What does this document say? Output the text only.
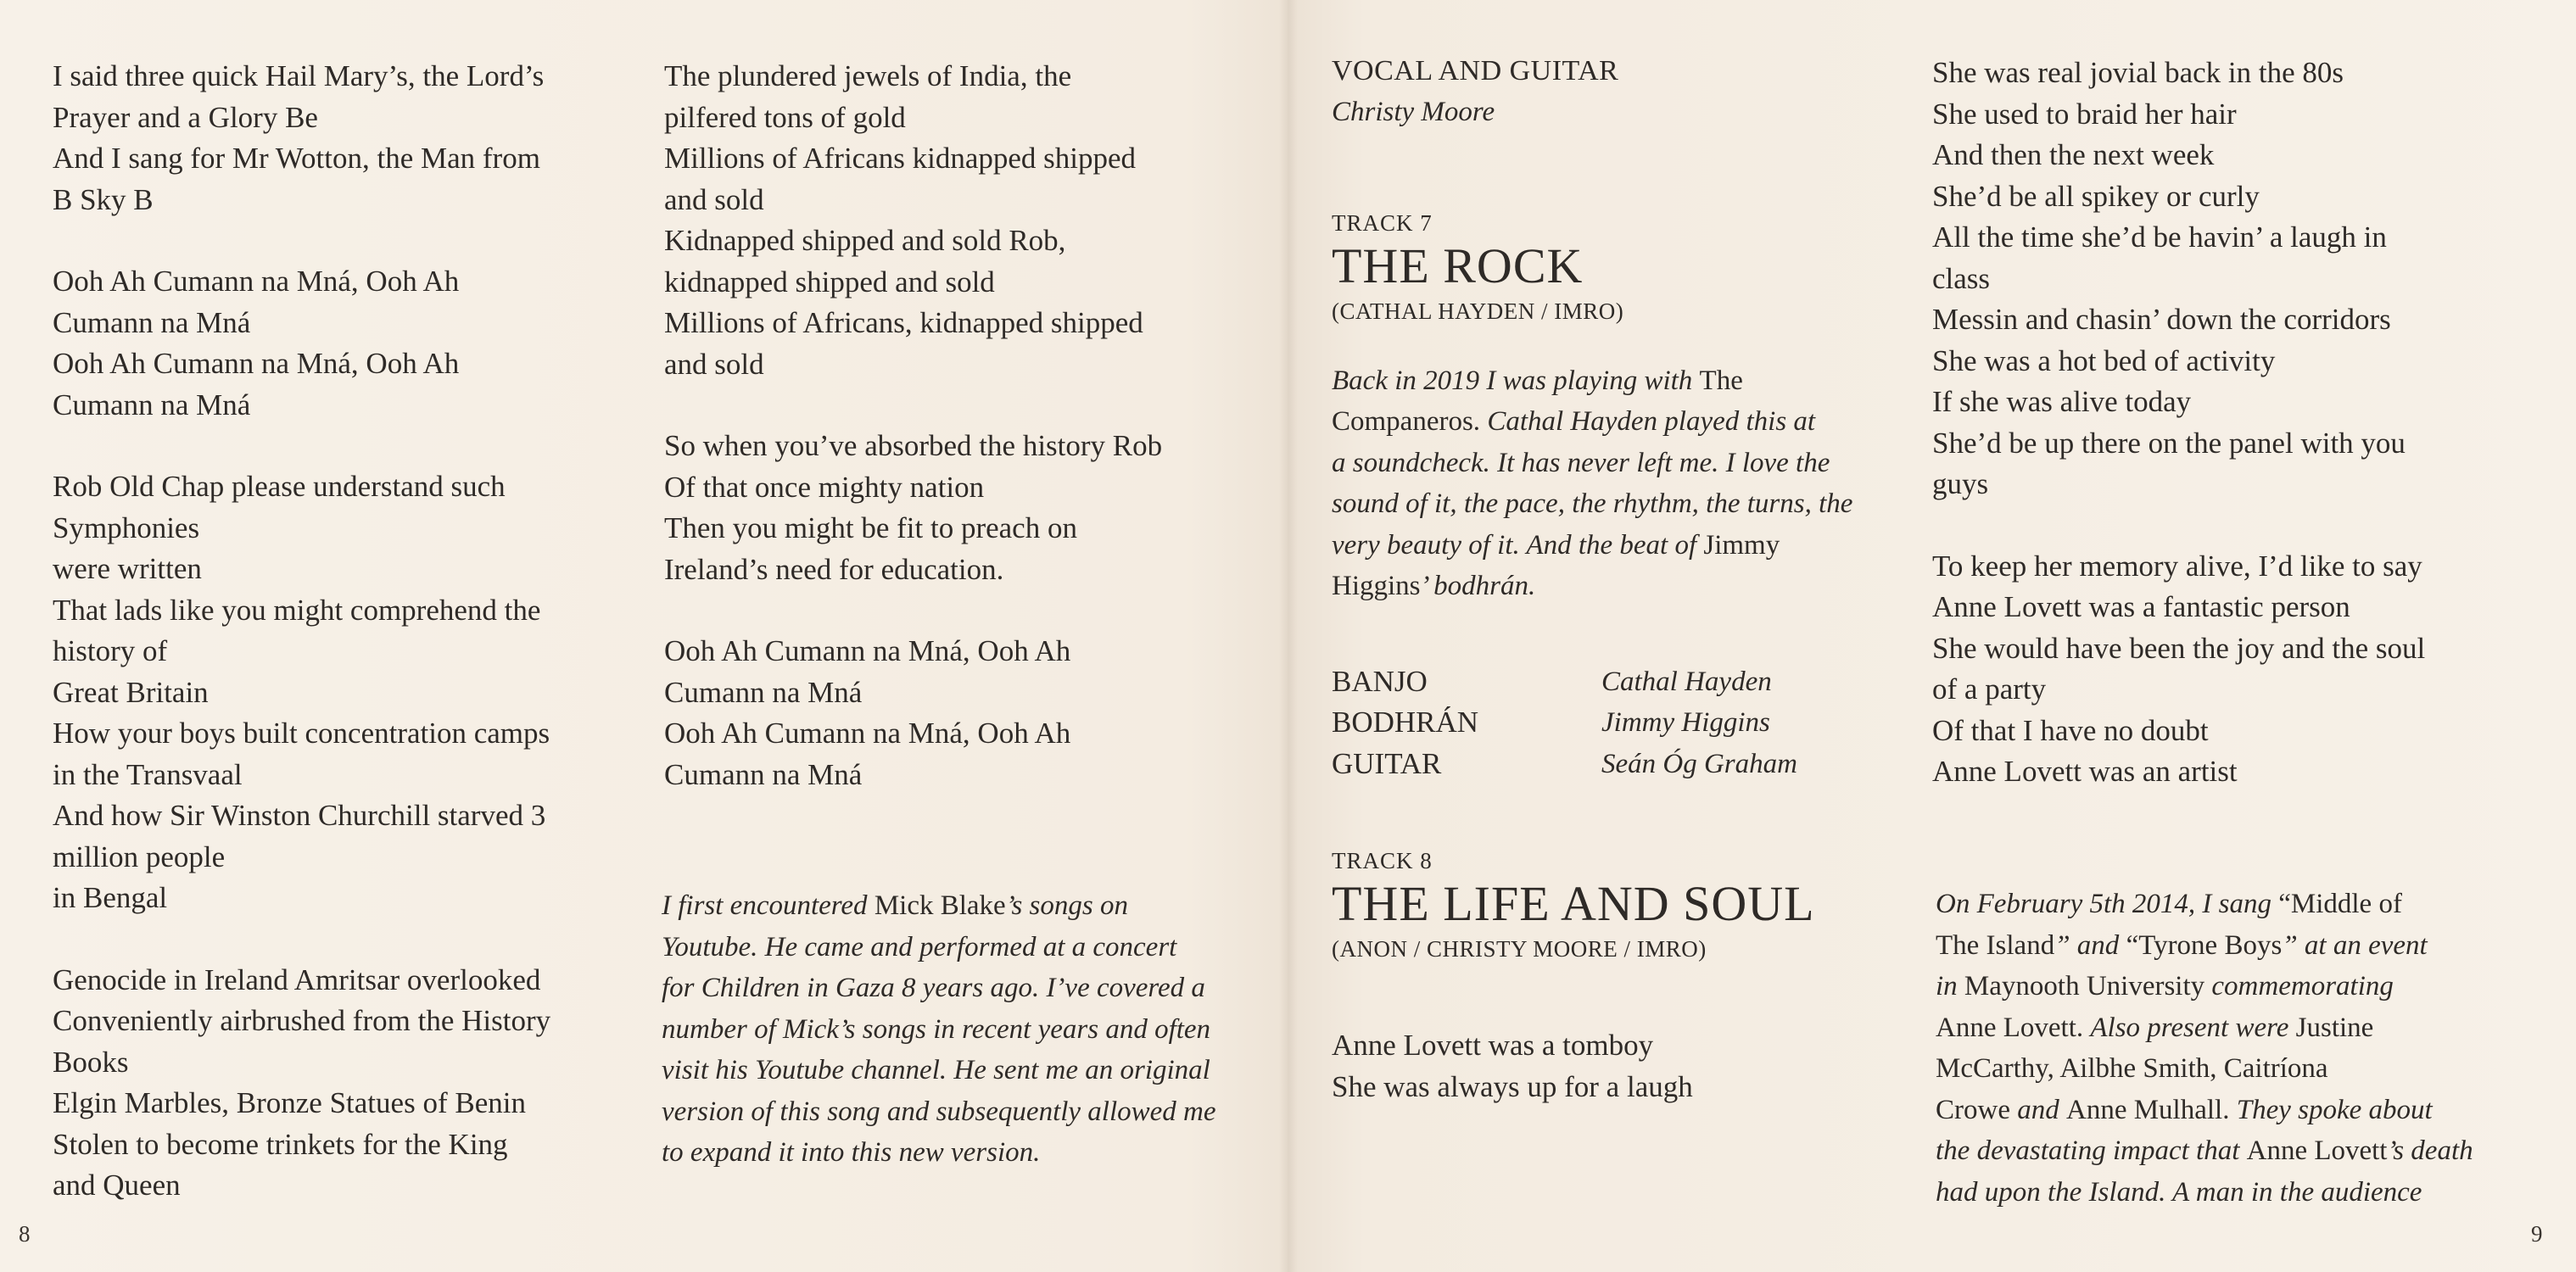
I said three quick Hail Mary’s, the Lord’s
Prayer and a Glory Be
And I sang for Mr Wotton, the Man from
B Sky B
Ooh Ah Cumann na Mná, Ooh Ah
Cumann na Mná
Ooh Ah Cumann na Mná, Ooh Ah
Cumann na Mná
Rob Old Chap please understand such
Symphonies
were written
That lads like you might comprehend the
history of
Great Britain
How your boys built concentration camps
in the Transvaal
And how Sir Winston Churchill starved 3
million people
in Bengal
Genocide in Ireland Amritsar overlooked
Conveniently airbrushed from the History
Books
Elgin Marbles, Bronze Statues of Benin
Stolen to become trinkets for the King
and Queen
The plundered jewels of India, the
pilfered tons of gold
Millions of Africans kidnapped shipped
and sold
Kidnapped shipped and sold Rob,
kidnapped shipped and sold
Millions of Africans, kidnapped shipped
and sold
So when you’ve absorbed the history Rob
Of that once mighty nation
Then you might be fit to preach on
Ireland’s need for education.
Ooh Ah Cumann na Mná, Ooh Ah
Cumann na Mná
Ooh Ah Cumann na Mná, Ooh Ah
Cumann na Mná
I first encountered Mick Blake’s songs on
Youtube. He came and performed at a concert
for Children in Gaza 8 years ago. I’ve covered a
number of Mick’s songs in recent years and often
visit his Youtube channel. He sent me an original
version of this song and subsequently allowed me
to expand it into this new version.
8
VOCAL AND GUITAR
Christy Moore
TRACK 7
THE ROCK
(CATHAL HAYDEN / IMRO)
Back in 2019 I was playing with The
Companeros. Cathal Hayden played this at
a soundcheck. It has never left me. I love the
sound of it, the pace, the rhythm, the turns, the
very beauty of it. And the beat of Jimmy
Higgins’ bodhrán.
BANJO	Cathal Hayden
BODHRÁN	Jimmy Higgins
GUITAR	Seán Óg Graham
TRACK 8
THE LIFE AND SOUL
(ANON / CHRISTY MOORE / IMRO)
Anne Lovett was a tomboy
She was always up for a laugh
She was real jovial back in the 80s
She used to braid her hair
And then the next week
She’d be all spikey or curly
All the time she’d be havin’ a laugh in
class
Messin and chasin’ down the corridors
She was a hot bed of activity
If she was alive today
She’d be up there on the panel with you
guys
To keep her memory alive, I’d like to say
Anne Lovett was a fantastic person
She would have been the joy and the soul
of a party
Of that I have no doubt
Anne Lovett was an artist
On February 5th 2014, I sang “Middle of
The Island” and “Tyrone Boys” at an event
in Maynooth University commemorating
Anne Lovett. Also present were Justine
McCarthy, Ailbhe Smith, Caitríona
Crowe and Anne Mulhall. They spoke about
the devastating impact that Anne Lovett’s death
had upon the Island. A man in the audience
9
